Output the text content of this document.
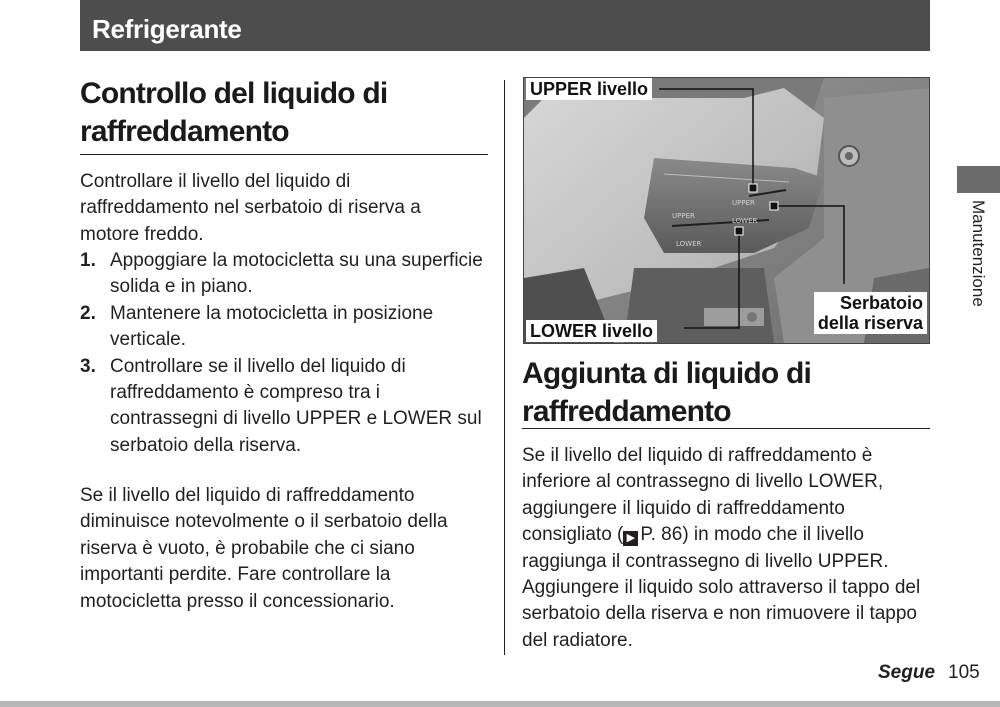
Refrigerante
Controllo del liquido di
raffreddamento

Controllare il livello del liquido di raffreddamento nel serbatoio di riserva a motore freddo.

1. Appoggiare la motocicletta su una superficie solida e in piano.
2. Mantenere la motocicletta in posizione verticale.
3. Controllare se il livello del liquido di raffreddamento è compreso tra i contrassegni di livello UPPER e LOWER sul serbatoio della riserva.

Se il livello del liquido di raffreddamento diminuisce notevolmente o il serbatoio della riserva è vuoto, è probabile che ci siano importanti perdite. Fare controllare la motocicletta presso il concessionario.

UPPER
UPPER
LOWER
LOWER
UPPER livello
LOWER livello
Serbatoio
della riserva
Aggiunta di liquido di
raffreddamento

Se il livello del liquido di raffreddamento è inferiore al contrassegno di livello LOWER, aggiungere il liquido di raffreddamento consigliato ( ▶ P. 86) in modo che il livello raggiunga il contrassegno di livello UPPER. Aggiungere il liquido solo attraverso il tappo del serbatoio della riserva e non rimuovere il tappo del radiatore.

Manutenzione
Segue 105
